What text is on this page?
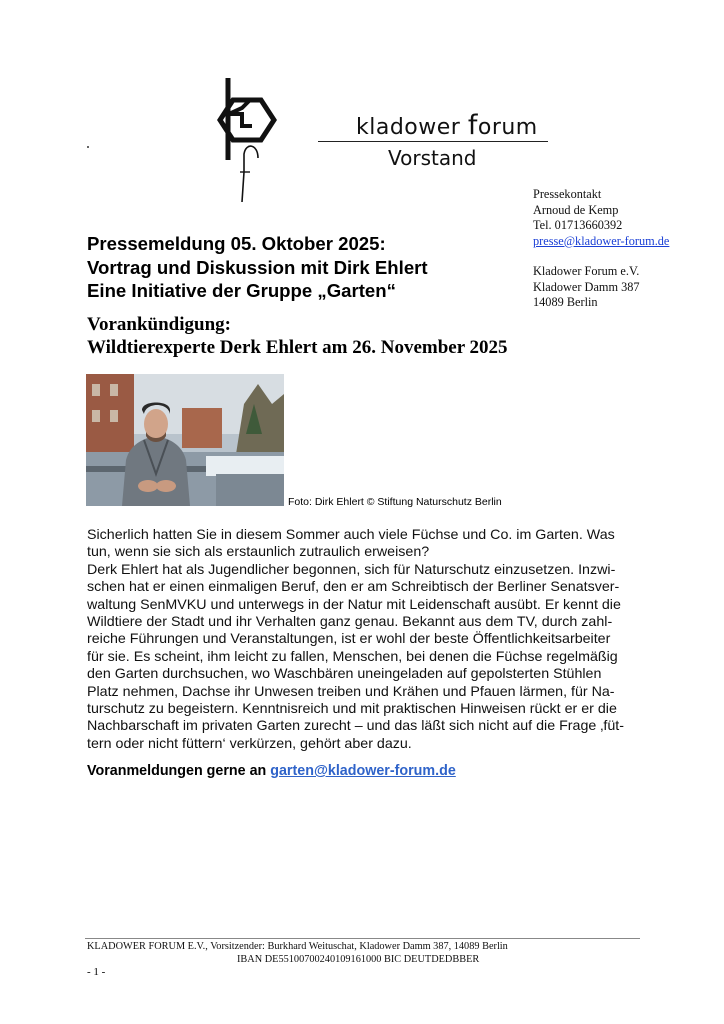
kladower forum
Vorstand
Pressekontakt
Arnoud de Kemp
Tel. 01713660392
presse@kladower-forum.de
Kladower Forum e.V.
Kladower Damm 387
14089 Berlin
Pressemeldung 05. Oktober 2025:
Vortrag und Diskussion mit Dirk Ehlert
Eine Initiative der Gruppe „Garten“
Vorankündigung:
Wildtierexperte Derk Ehlert am 26. November 2025
Foto: Dirk Ehlert © Stiftung Naturschutz Berlin

Sicherlich hatten Sie in diesem Sommer auch viele Füchse und Co. im Garten. Was

tun, wenn sie sich als erstaunlich zutraulich erweisen?

Derk Ehlert hat als Jugendlicher begonnen, sich für Naturschutz einzusetzen. Inzwi-

schen hat er einen einmaligen Beruf, den er am Schreibtisch der Berliner Senatsver-

waltung SenMVKU und unterwegs in der Natur mit Leidenschaft ausübt. Er kennt die

Wildtiere der Stadt und ihr Verhalten ganz genau. Bekannt aus dem TV, durch zahl-

reiche Führungen und Veranstaltungen, ist er wohl der beste Öffentlichkeitsarbeiter

für sie. Es scheint, ihm leicht zu fallen, Menschen, bei denen die Füchse regelmäßig

den Garten durchsuchen, wo Waschbären uneingeladen auf gepolsterten Stühlen

Platz nehmen, Dachse ihr Unwesen treiben und Krähen und Pfauen lärmen, für Na-

turschutz zu begeistern. Kenntnisreich und mit praktischen Hinweisen rückt er er die

Nachbarschaft im privaten Garten zurecht – und das läßt sich nicht auf die Frage ‚füt-

tern oder nicht füttern‘ verkürzen, gehört aber dazu.

Voranmeldungen gerne an garten@kladower-forum.de
KLADOWER FORUM E.V., Vorsitzender: Burkhard Weituschat, Kladower Damm 387, 14089 Berlin
IBAN DE55100700240109161000 BIC DEUTDEDBBER
- 1 -
